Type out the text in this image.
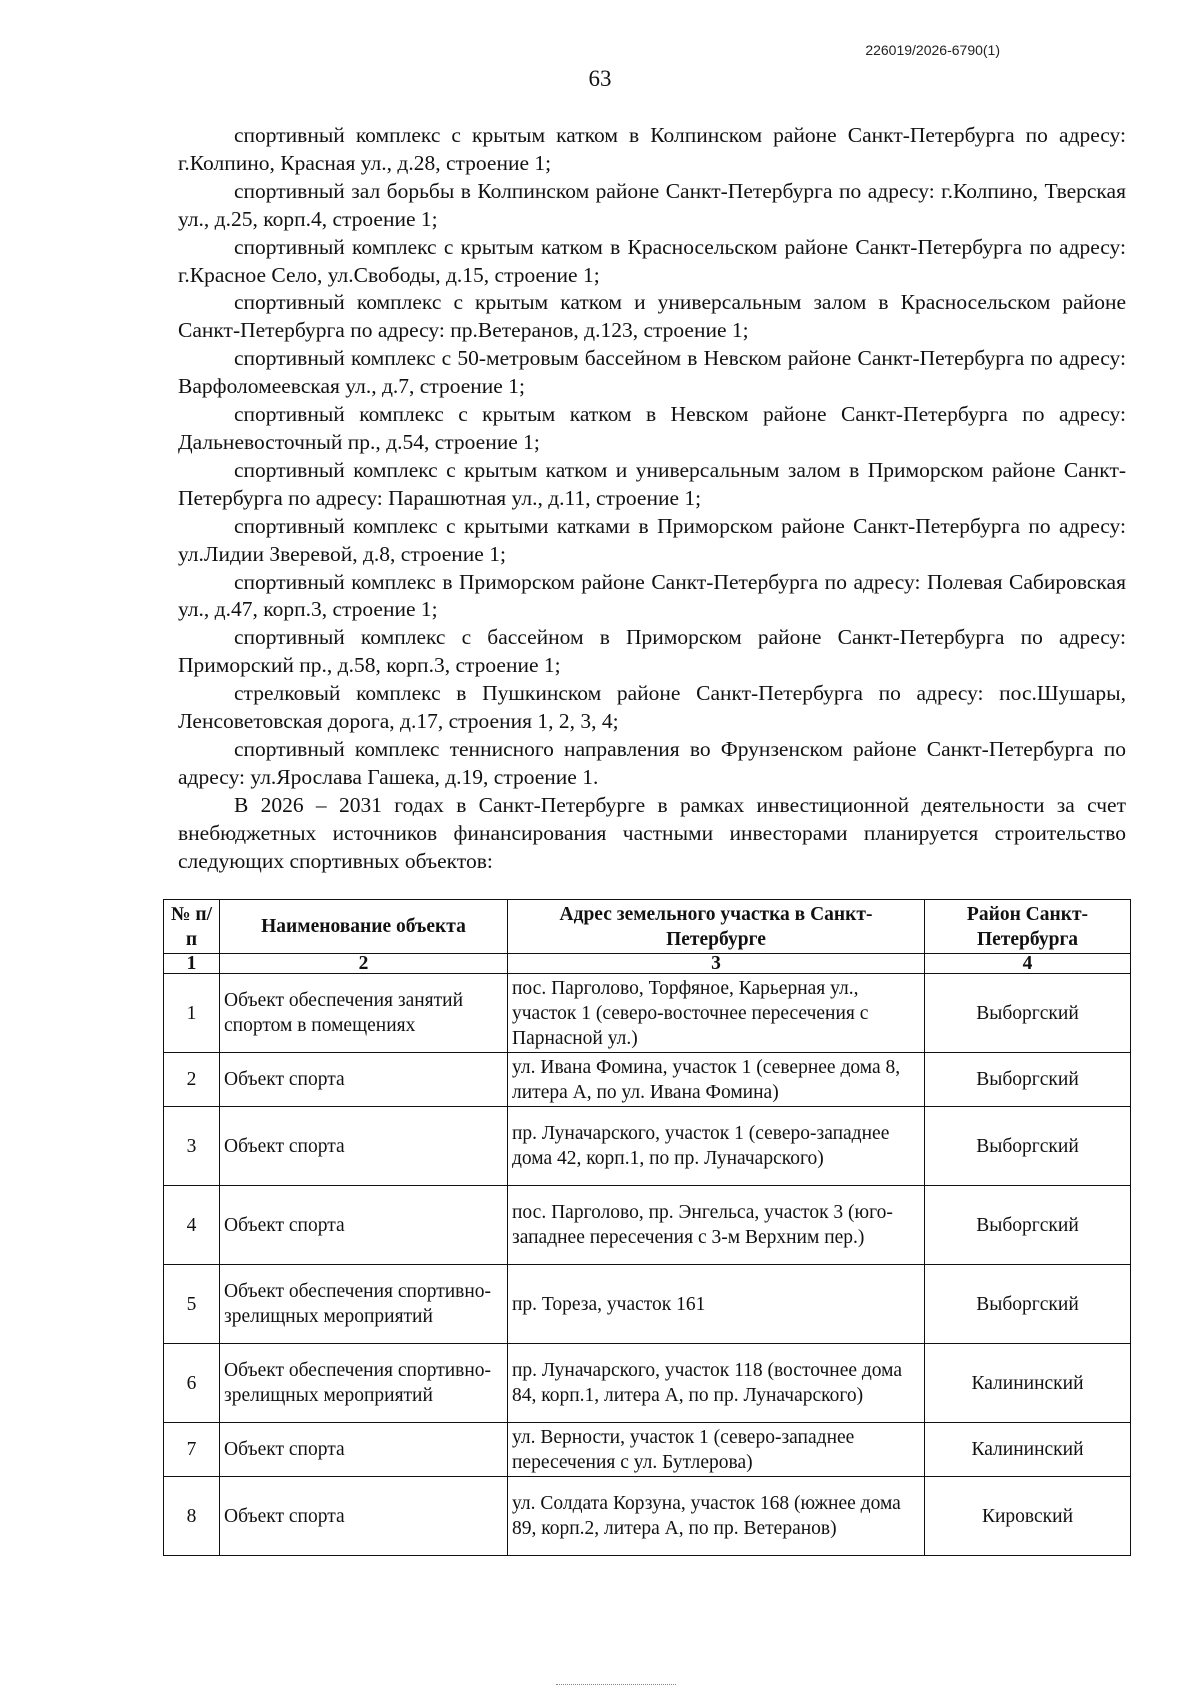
226019/2026-6790(1)
63

спортивный комплекс с крытым катком в Колпинском районе Санкт-Петербурга по адресу: г.Колпино, Красная ул., д.28, строение 1;

спортивный зал борьбы в Колпинском районе Санкт-Петербурга по адресу: г.Колпино, Тверская ул., д.25, корп.4, строение 1;

спортивный комплекс с крытым катком в Красносельском районе Санкт-Петербурга по адресу: г.Красное Село, ул.Свободы, д.15, строение 1;

спортивный комплекс с крытым катком и универсальным залом в Красносельском районе Санкт-Петербурга по адресу: пр.Ветеранов, д.123, строение 1;

спортивный комплекс с 50-метровым бассейном в Невском районе Санкт-Петербурга по адресу: Варфоломеевская ул., д.7, строение 1;

спортивный комплекс с крытым катком в Невском районе Санкт-Петербурга по адресу: Дальневосточный пр., д.54, строение 1;

спортивный комплекс с крытым катком и универсальным залом в Приморском районе Санкт-Петербурга по адресу: Парашютная ул., д.11, строение 1;

спортивный комплекс с крытыми катками в Приморском районе Санкт-Петербурга по адресу: ул.Лидии Зверевой, д.8, строение 1;

спортивный комплекс в Приморском районе Санкт-Петербурга по адресу: Полевая Сабировская ул., д.47, корп.3, строение 1;

спортивный комплекс с бассейном в Приморском районе Санкт-Петербурга по адресу: Приморский пр., д.58, корп.3, строение 1;

стрелковый комплекс в Пушкинском районе Санкт-Петербурга по адресу: пос.Шушары, Ленсоветовская дорога, д.17, строения 1, 2, 3, 4;

спортивный комплекс теннисного направления во Фрунзенском районе Санкт-Петербурга по адресу: ул.Ярослава Гашека, д.19, строение 1.

В 2026 – 2031 годах в Санкт-Петербурге в рамках инвестиционной деятельности за счет внебюджетных источников финансирования частными инвесторами планируется строительство следующих спортивных объектов:

№ п/п	Наименование объекта	Адрес земельного участка в Санкт-Петербурге	Район Санкт-Петербурга
1	2	3	4
1	Объект обеспечения занятий спортом в помещениях	пос. Парголово, Торфяное, Карьерная ул., участок 1 (северо-восточнее пересечения с Парнасной ул.)	Выборгский
2	Объект спорта	ул. Ивана Фомина, участок 1 (севернее дома 8, литера А, по ул. Ивана Фомина)	Выборгский
3	Объект спорта	пр. Луначарского, участок 1 (северо-западнее дома 42, корп.1, по пр. Луначарского)	Выборгский
4	Объект спорта	пос. Парголово, пр. Энгельса, участок 3 (юго-западнее пересечения с 3-м Верхним пер.)	Выборгский
5	Объект обеспечения спортивно-зрелищных мероприятий	пр. Тореза, участок 161	Выборгский
6	Объект обеспечения спортивно-зрелищных мероприятий	пр. Луначарского, участок 118 (восточнее дома 84, корп.1, литера А, по пр. Луначарского)	Калининский
7	Объект спорта	ул. Верности, участок 1 (северо-западнее пересечения с ул. Бутлерова)	Калининский
8	Объект спорта	ул. Солдата Корзуна, участок 168 (южнее дома 89, корп.2, литера А, по пр. Ветеранов)	Кировский
